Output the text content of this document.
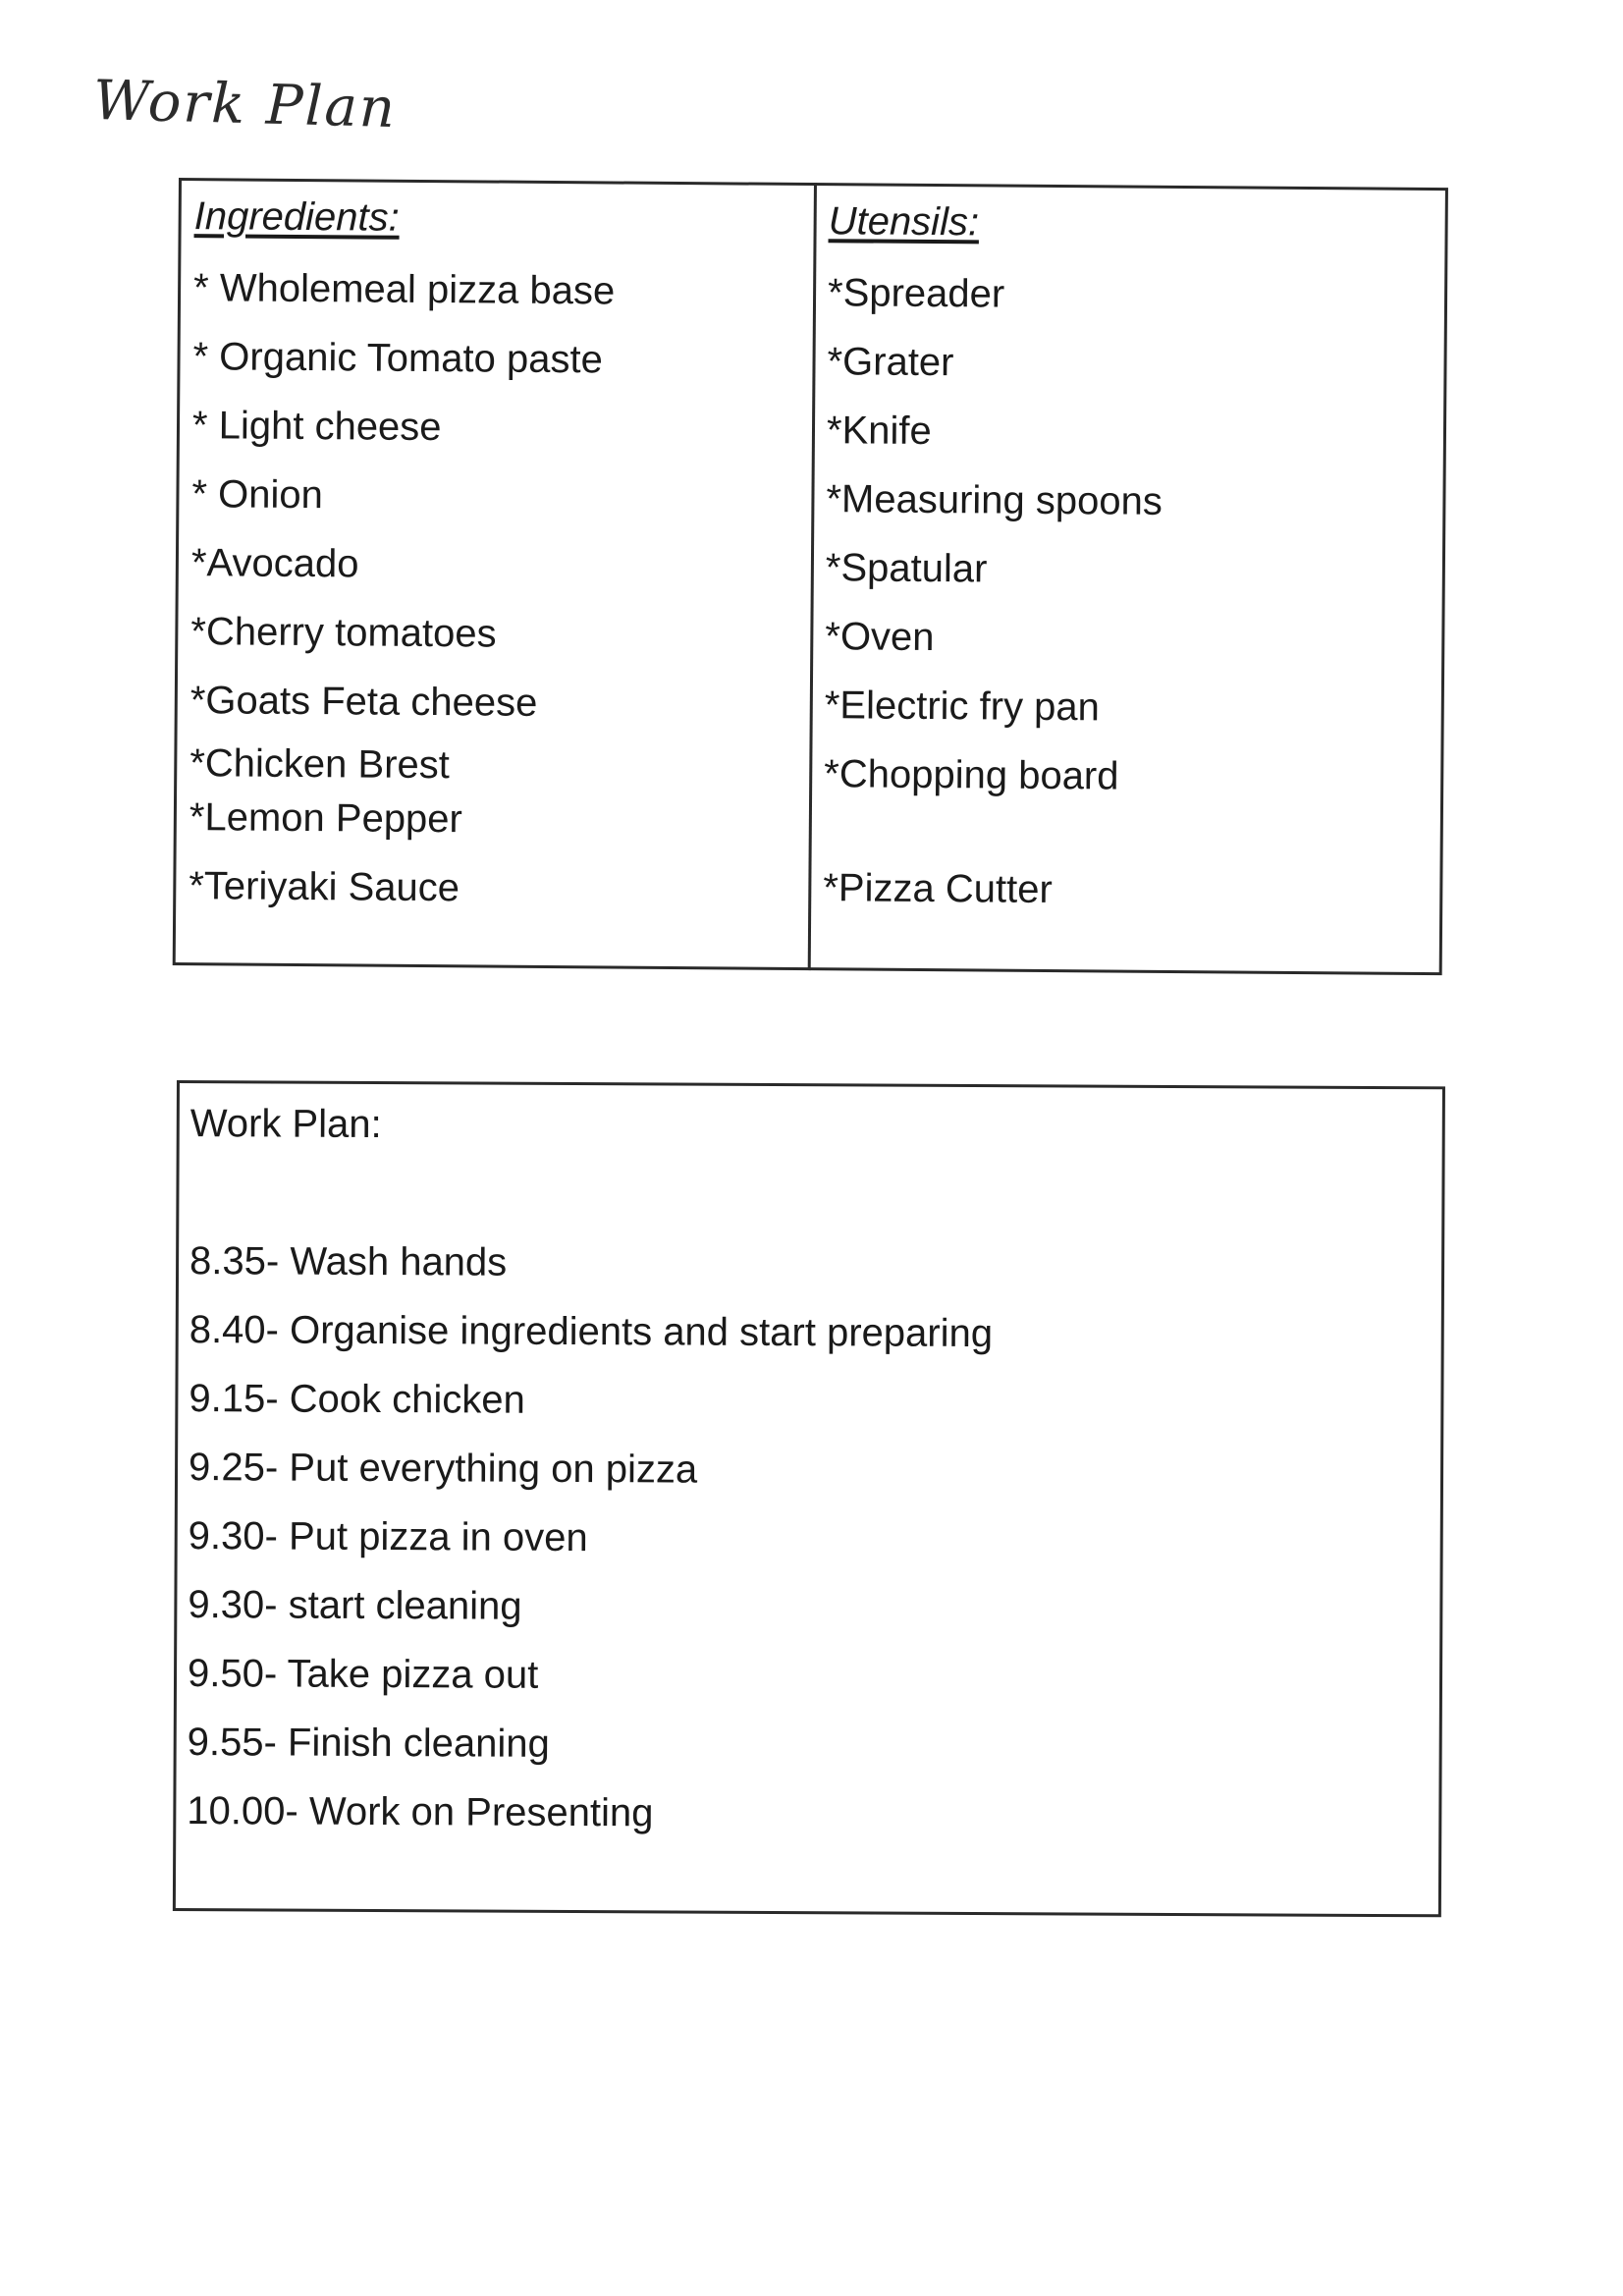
Work Plan
Ingredients:
* Wholemeal pizza base
* Organic Tomato paste
* Light cheese
* Onion
*Avocado
*Cherry tomatoes
*Goats Feta cheese
*Chicken Brest
*Lemon Pepper
*Teriyaki Sauce
Utensils:
*Spreader
*Grater
*Knife
*Measuring spoons
*Spatular
*Oven
*Electric fry pan
*Chopping board
*Pizza Cutter
Work Plan:
8.35- Wash hands
8.40- Organise ingredients and start preparing
9.15- Cook chicken
9.25- Put everything on pizza
9.30- Put pizza in oven
9.30- start cleaning
9.50- Take pizza out
9.55- Finish cleaning
10.00- Work on Presenting
